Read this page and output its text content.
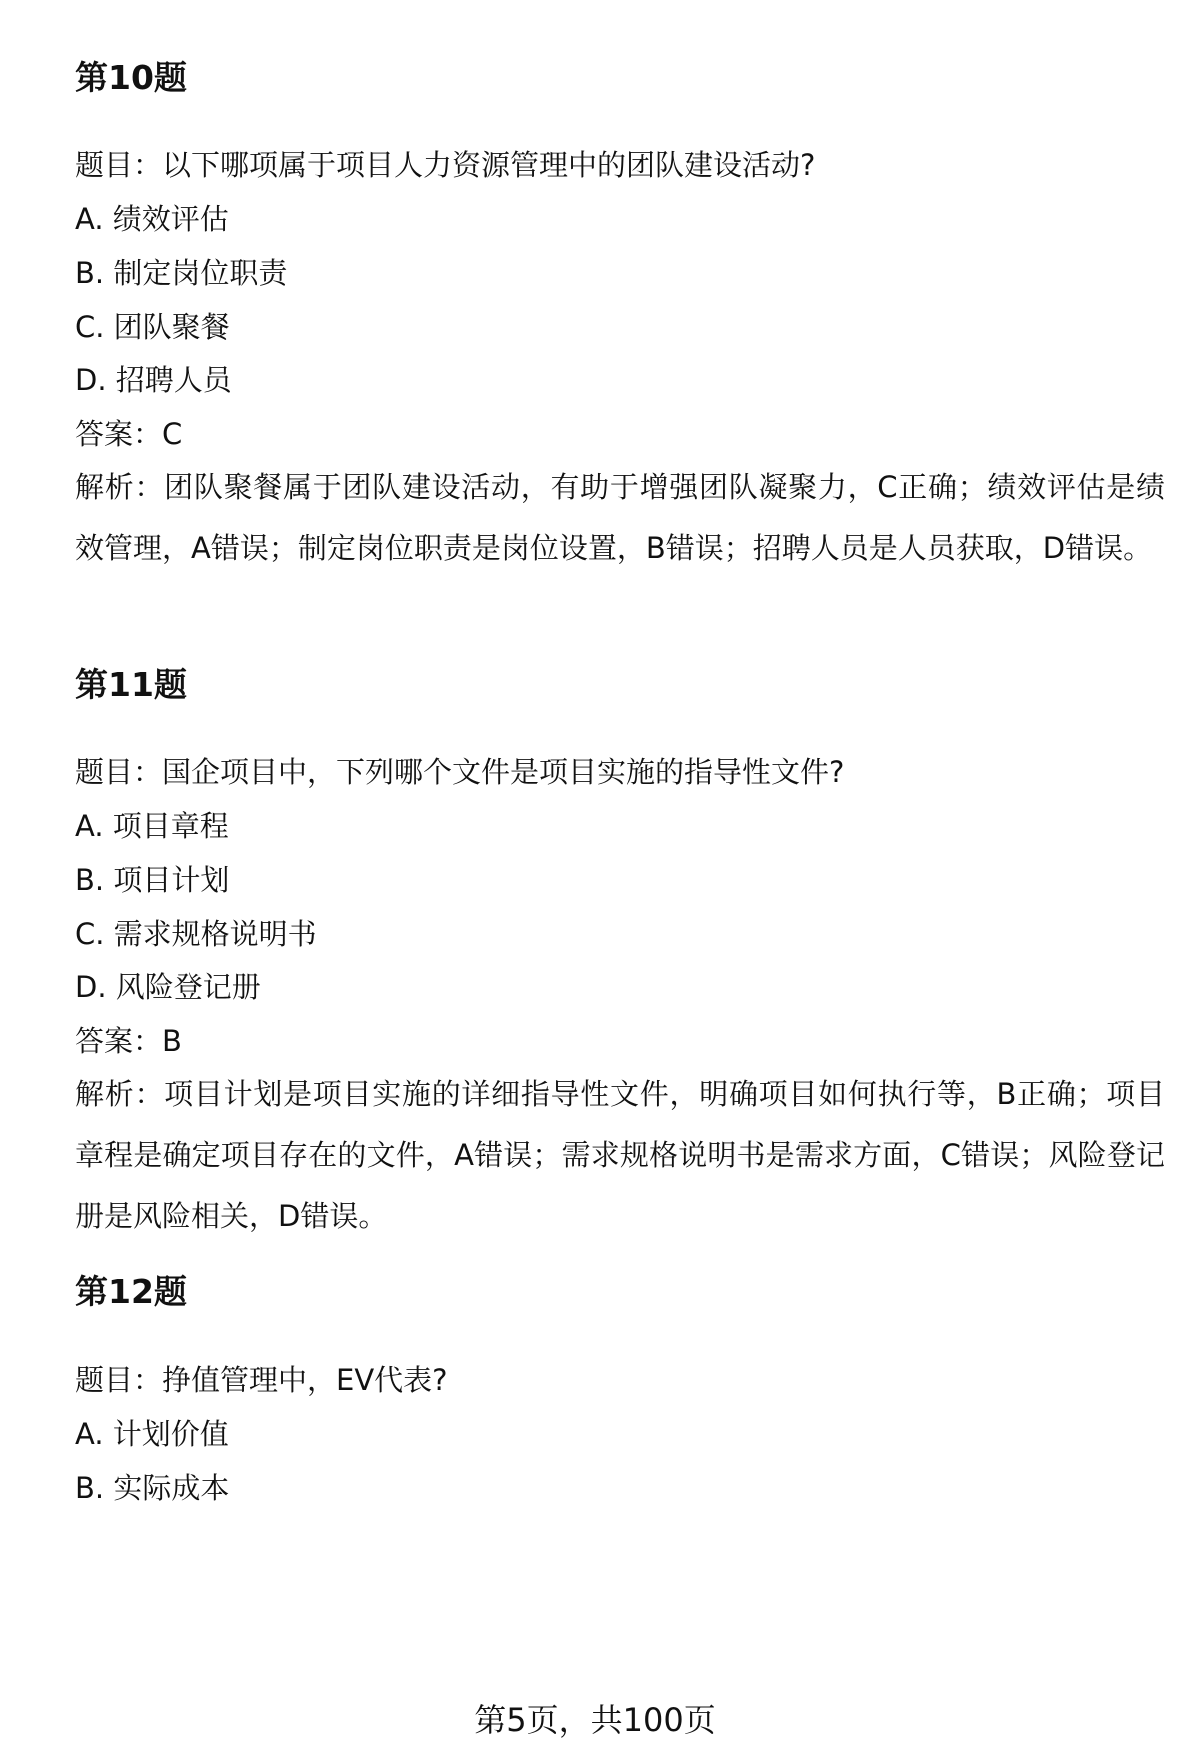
第10题
题目：以下哪项属于项目人力资源管理中的团队建设活动?
A. 绩效评估
B. 制定岗位职责
C. 团队聚餐
D. 招聘人员
答案：C
解析：团队聚餐属于团队建设活动，有助于增强团队凝聚力，C正确；绩效评估是绩效管理，A错误；制定岗位职责是岗位设置，B错误；招聘人员是人员获取，D错误。
第11题
题目：国企项目中，下列哪个文件是项目实施的指导性文件?
A. 项目章程
B. 项目计划
C. 需求规格说明书
D. 风险登记册
答案：B
解析：项目计划是项目实施的详细指导性文件，明确项目如何执行等，B正确；项目章程是确定项目存在的文件，A错误；需求规格说明书是需求方面，C错误；风险登记册是风险相关，D错误。
第12题
题目：挣值管理中，EV代表?
A. 计划价值
B. 实际成本
第5页，共100页
